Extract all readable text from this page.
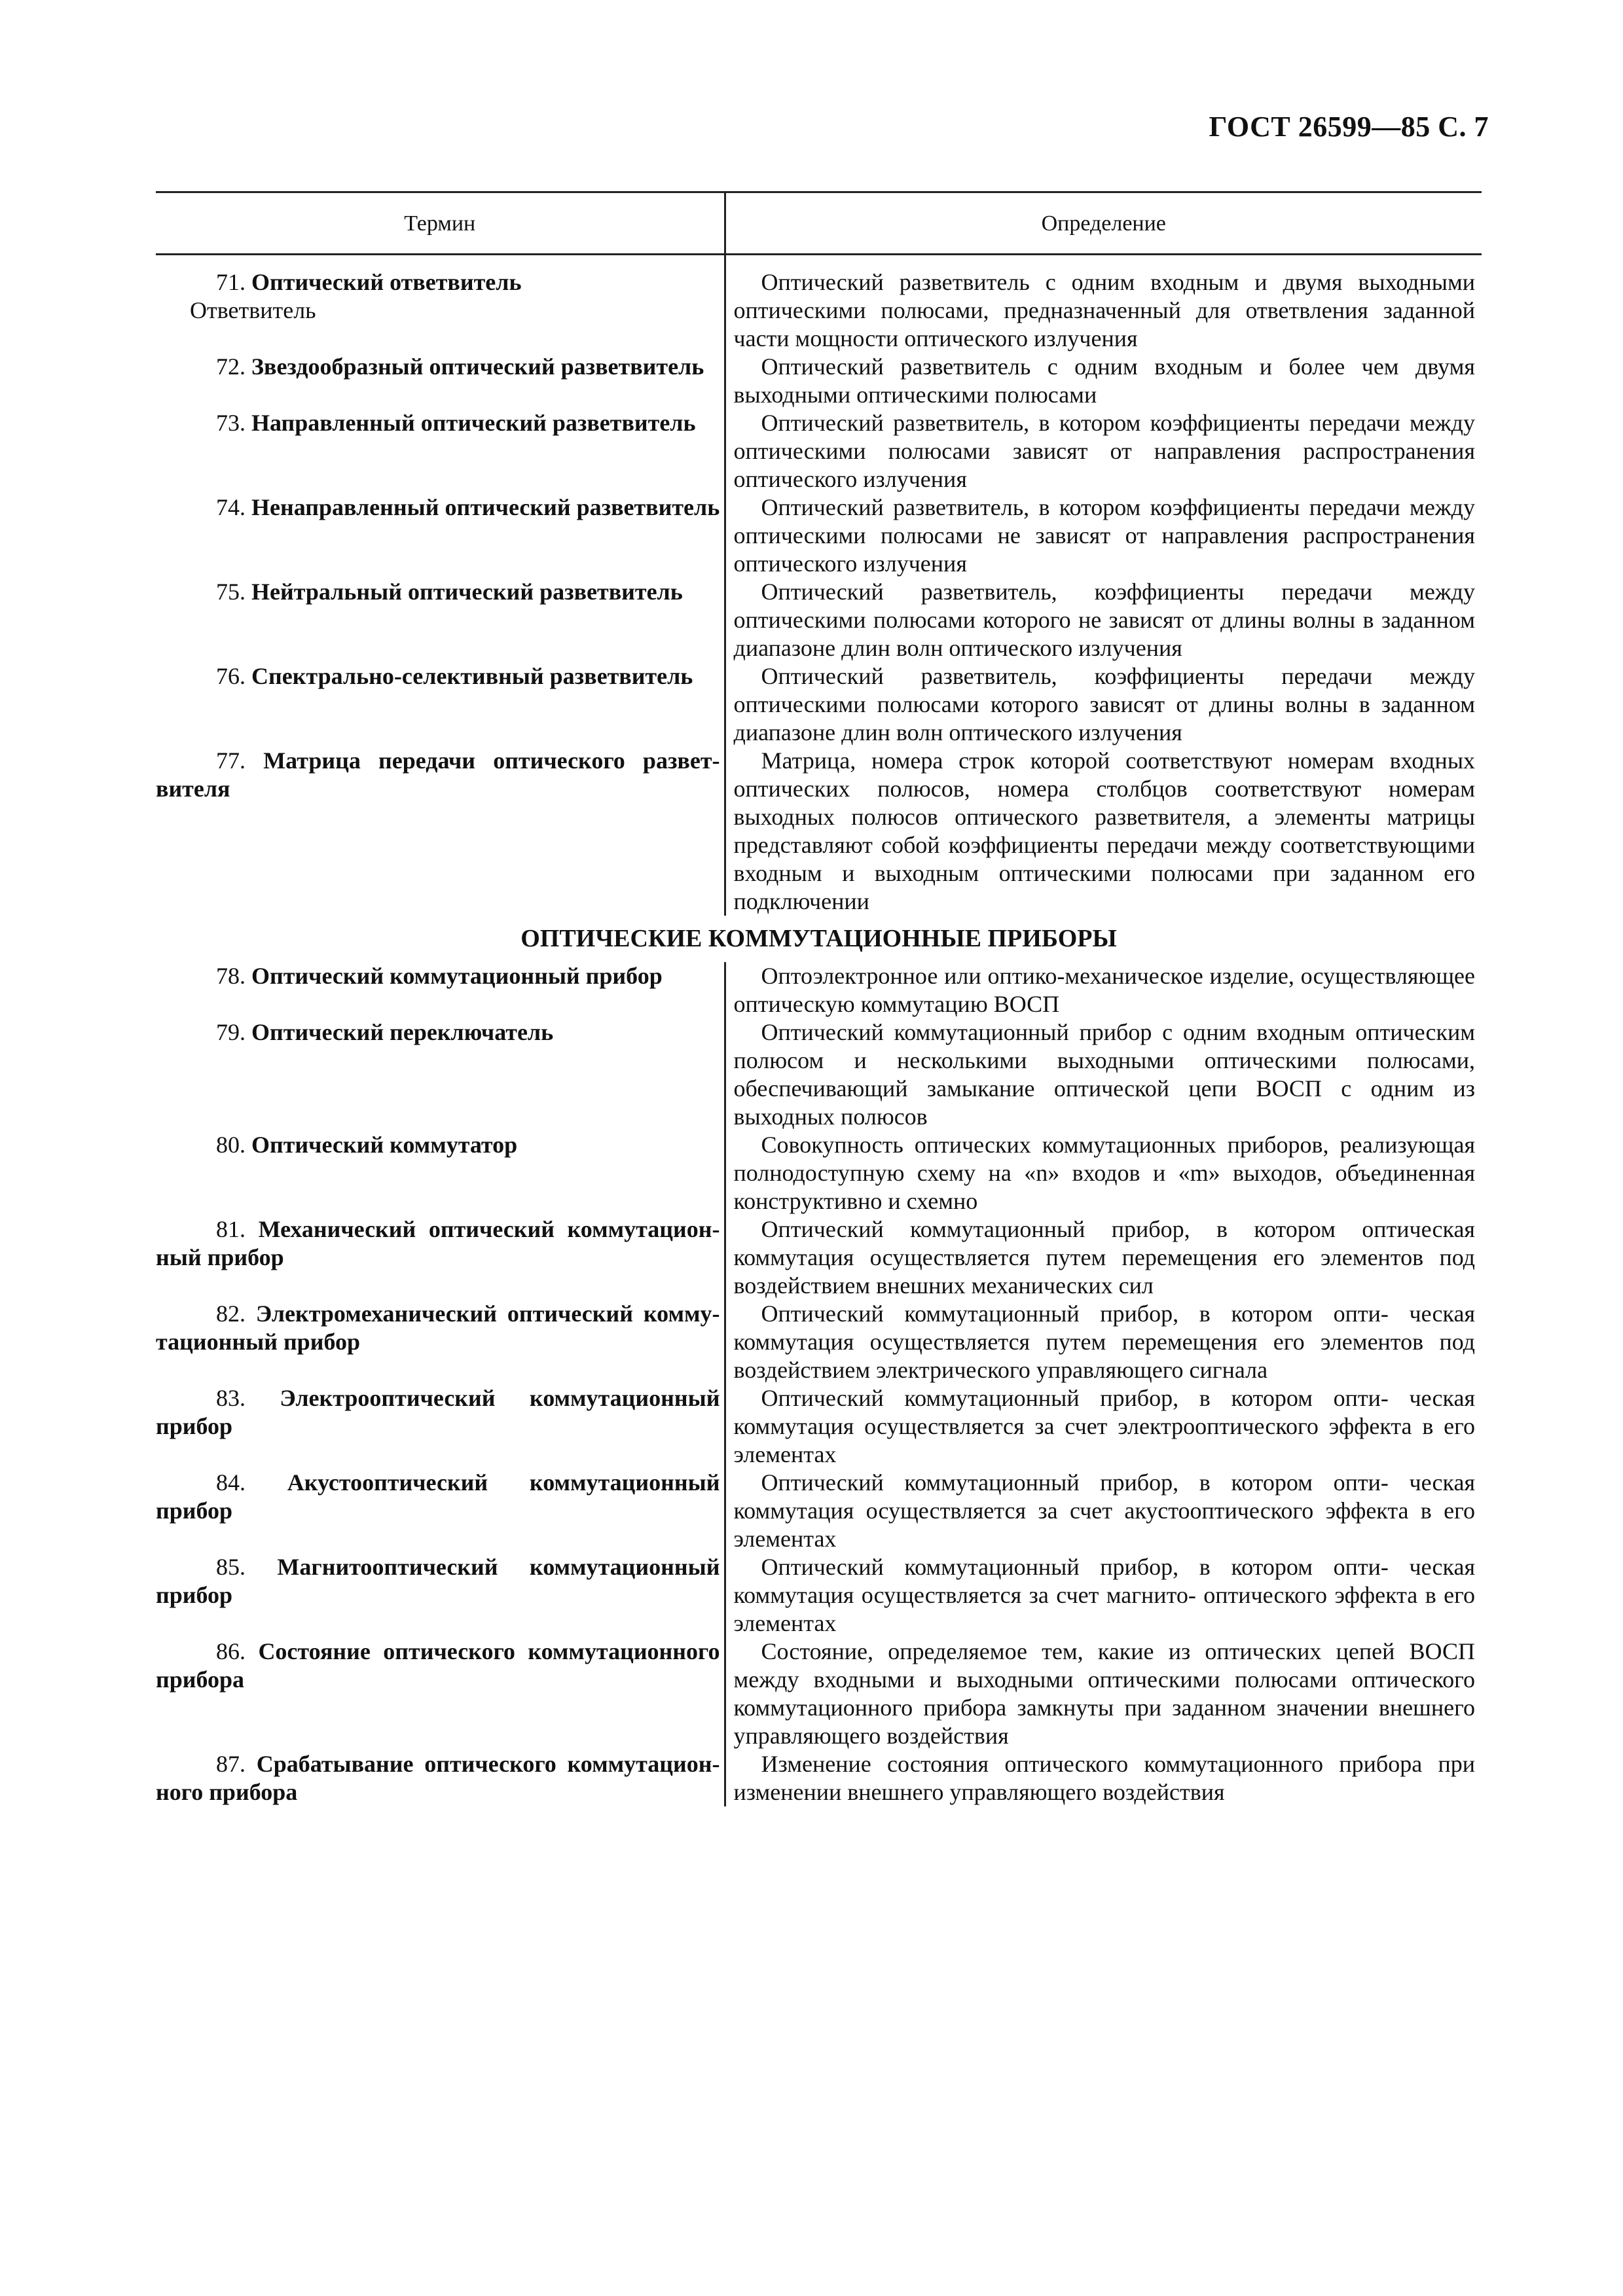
ГОСТ 26599—85 С. 7
Термин	Определение

71. Оптический ответвитель
Ответвитель	Оптический разветвитель с одним входным и двумя выходными оптическими полюсами, предназначенный для ответвления заданной части мощности оптического излучения

72. Звездообразный оптический разветвитель	Оптический разветвитель с одним входным и более чем двумя выходными оптическими полюсами

73. Направленный оптический разветвитель	Оптический разветвитель, в котором коэффициенты передачи между оптическими полюсами зависят от направления распространения оптического излучения

74. Ненаправленный оптический разветвитель	Оптический разветвитель, в котором коэффициенты передачи между оптическими полюсами не зависят от направления распространения оптического излучения

75. Нейтральный оптический разветвитель	Оптический разветвитель, коэффициенты передачи между оптическими полюсами которого не зависят от длины волны в заданном диапазоне длин волн оптического излучения

76. Спектрально-селективный разветвитель	Оптический разветвитель, коэффициенты передачи между оптическими полюсами которого зависят от длины волны в заданном диапазоне длин волн оптического излучения

77. Матрица передачи оптического развет- вителя	Матрица, номера строк которой соответствуют номерам входных оптических полюсов, номера столбцов соответствуют номерам выходных полюсов оптического разветвителя, а элементы матрицы представляют собой коэффициенты передачи между соответствующими входным и выходным оптическими полюсами при заданном его подключении

ОПТИЧЕСКИЕ КОММУТАЦИОННЫЕ ПРИБОРЫ	

78. Оптический коммутационный прибор	Оптоэлектронное или оптико-механическое изделие, осуществляющее оптическую коммутацию ВОСП

79. Оптический переключатель	Оптический коммутационный прибор с одним входным оптическим полюсом и несколькими выходными оптическими полюсами, обеспечивающий замыкание оптической цепи ВОСП с одним из выходных полюсов

80. Оптический коммутатор	Совокупность оптических коммутационных приборов, реализующая полнодоступную схему на «n» входов и «m» выходов, объединенная конструктивно и схемно

81. Механический оптический коммутацион- ный прибор	Оптический коммутационный прибор, в котором оптическая коммутация осуществляется путем перемещения его элементов под воздействием внешних механических сил

82. Электромеханический оптический комму- тационный прибор	Оптический коммутационный прибор, в котором опти- ческая коммутация осуществляется путем перемещения его элементов под воздействием электрического управляющего сигнала

83. Электрооптический коммутационный прибор	Оптический коммутационный прибор, в котором опти- ческая коммутация осуществляется за счет электрооптического эффекта в его элементах

84. Акустооптический коммутационный прибор	Оптический коммутационный прибор, в котором опти- ческая коммутация осуществляется за счет акустооптического эффекта в его элементах

85. Магнитооптический коммутационный прибор	Оптический коммутационный прибор, в котором опти- ческая коммутация осуществляется за счет магнито- оптического эффекта в его элементах

86. Состояние оптического коммутационного прибора	Состояние, определяемое тем, какие из оптических цепей ВОСП между входными и выходными оптическими полюсами оптического коммутационного прибора замкнуты при заданном значении внешнего управляющего воздействия

87. Срабатывание оптического коммутацион- ного прибора	Изменение состояния оптического коммутационного прибора при изменении внешнего управляющего воздействия
